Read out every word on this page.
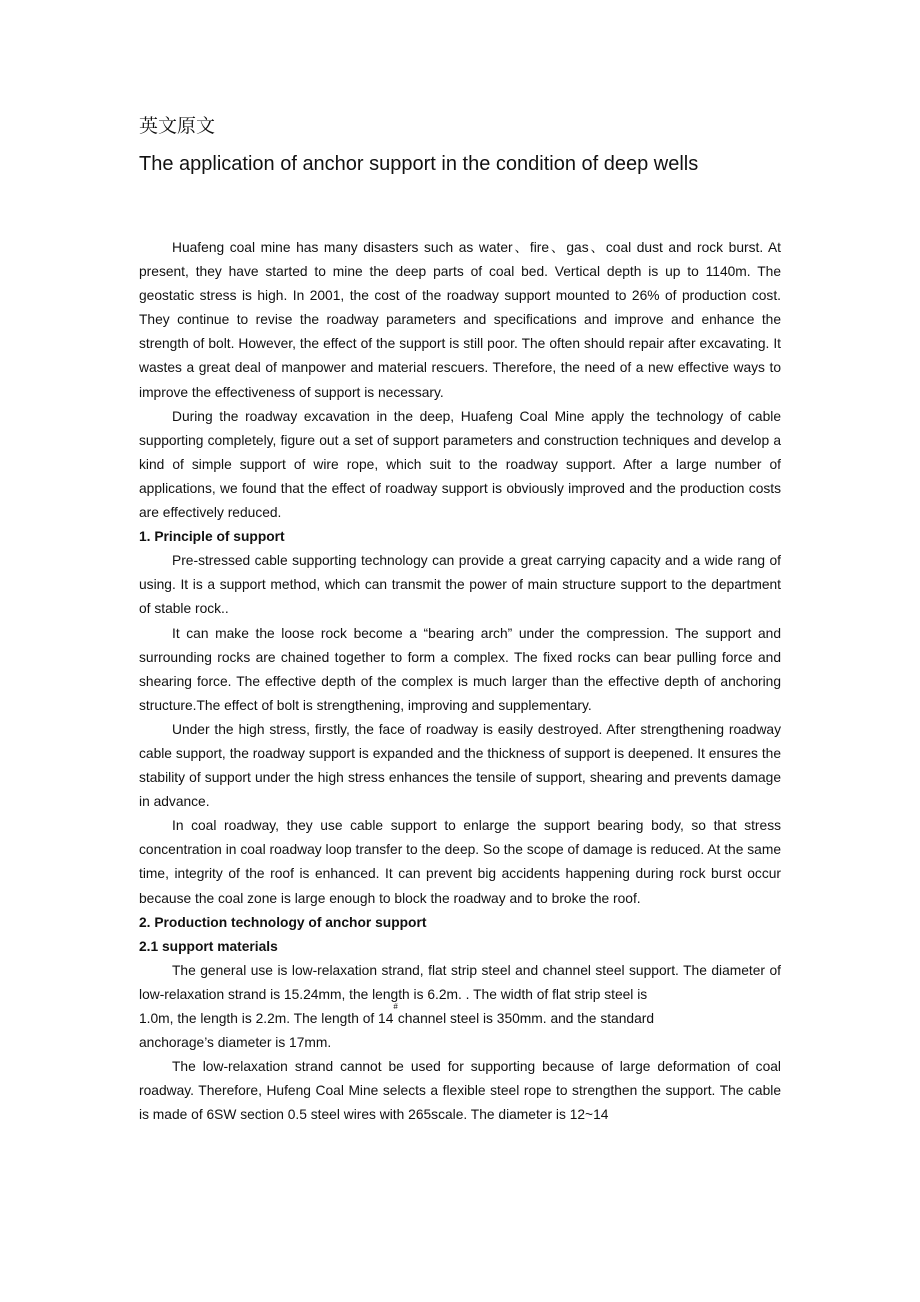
英文原文
The application of anchor support in the condition of deep wells

Huafeng coal mine has many disasters such as water、fire、gas、coal dust and rock burst. At present, they have started to mine the deep parts of coal bed. Vertical depth is up to 1140m. The geostatic stress is high. In 2001, the cost of the roadway support mounted to 26% of production cost. They continue to revise the roadway parameters and specifications and improve and enhance the strength of bolt. However, the effect of the support is still poor. The often should repair after excavating. It wastes a great deal of manpower and material rescuers. Therefore, the need of a new effective ways to improve the effectiveness of support is necessary.

During the roadway excavation in the deep, Huafeng Coal Mine apply the technology of cable supporting completely, figure out a set of support parameters and construction techniques and develop a kind of simple support of wire rope, which suit to the roadway support. After a large number of applications, we found that the effect of roadway support is obviously improved and the production costs are effectively reduced.

1. Principle of support

Pre-stressed cable supporting technology can provide a great carrying capacity and a wide rang of using. It is a support method, which can transmit the power of main structure support to the department of stable rock..

It can make the loose rock become a “bearing arch” under the compression. The support and surrounding rocks are chained together to form a complex. The fixed rocks can bear pulling force and shearing force. The effective depth of the complex is much larger than the effective depth of anchoring structure.The effect of bolt is strengthening, improving and supplementary.

Under the high stress, firstly, the face of roadway is easily destroyed. After strengthening roadway cable support, the roadway support is expanded and the thickness of support is deepened. It ensures the stability of support under the high stress enhances the tensile of support, shearing and prevents damage in advance.

In coal roadway, they use cable support to enlarge the support bearing body, so that stress concentration in coal roadway loop transfer to the deep. So the scope of damage is reduced. At the same time, integrity of the roof is enhanced. It can prevent big accidents happening during rock burst occur because the coal zone is large enough to block the roadway and to broke the roof.

2. Production technology of anchor support
2.1 support materials

The general use is low-relaxation strand, flat strip steel and channel steel support. The diameter of low-relaxation strand is 15.24mm, the length is 6.2m. . The width of flat strip steel is

1.0m, the length is 2.2m. The length of 14#channel steel is 350mm. and the standard

anchorage’s diameter is 17mm.

The low-relaxation strand cannot be used for supporting because of large deformation of coal roadway. Therefore, Hufeng Coal Mine selects a flexible steel rope to strengthen the support. The cable is made of 6SW section 0.5 steel wires with 265scale. The diameter is 12~14
